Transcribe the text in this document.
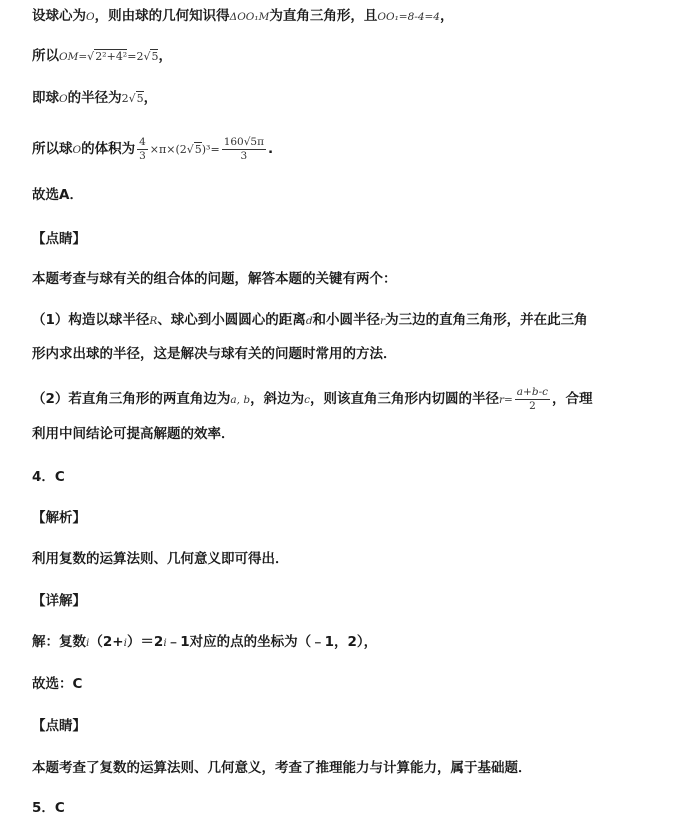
设球心为O，则由球的几何知识得ΔOO₁M为直角三角形，且OO₁=8-4=4，
所以OM=√2²+4²=2√5，
即球O的半径为2√5，
所以球O的体积为 $\frac{4}{3} \times\pi\times(2√5)^3= \frac{160√5\pi}{3}$ .
故选A．
【点睛】
本题考查与球有关的组合体的问题，解答本题的关键有两个：
（1）构造以球半径R、球心到小圆圆心的距离d和小圆半径r为三边的直角三角形，并在此三角
形内求出球的半径，这是解决与球有关的问题时常用的方法．
（2）若直角三角形的两直角边为a, b，斜边为c，则该直角三角形内切圆的半径$r= \frac{a+b-c}{2}$ ，合理
利用中间结论可提高解题的效率．
4．C
【解析】
利用复数的运算法则、几何意义即可得出．
【详解】
解：复数i（2+i）＝2i﹣1对应的点的坐标为（﹣1，2），
故选：C
【点睛】
本题考查了复数的运算法则、几何意义，考查了推理能力与计算能力，属于基础题．
5．C
